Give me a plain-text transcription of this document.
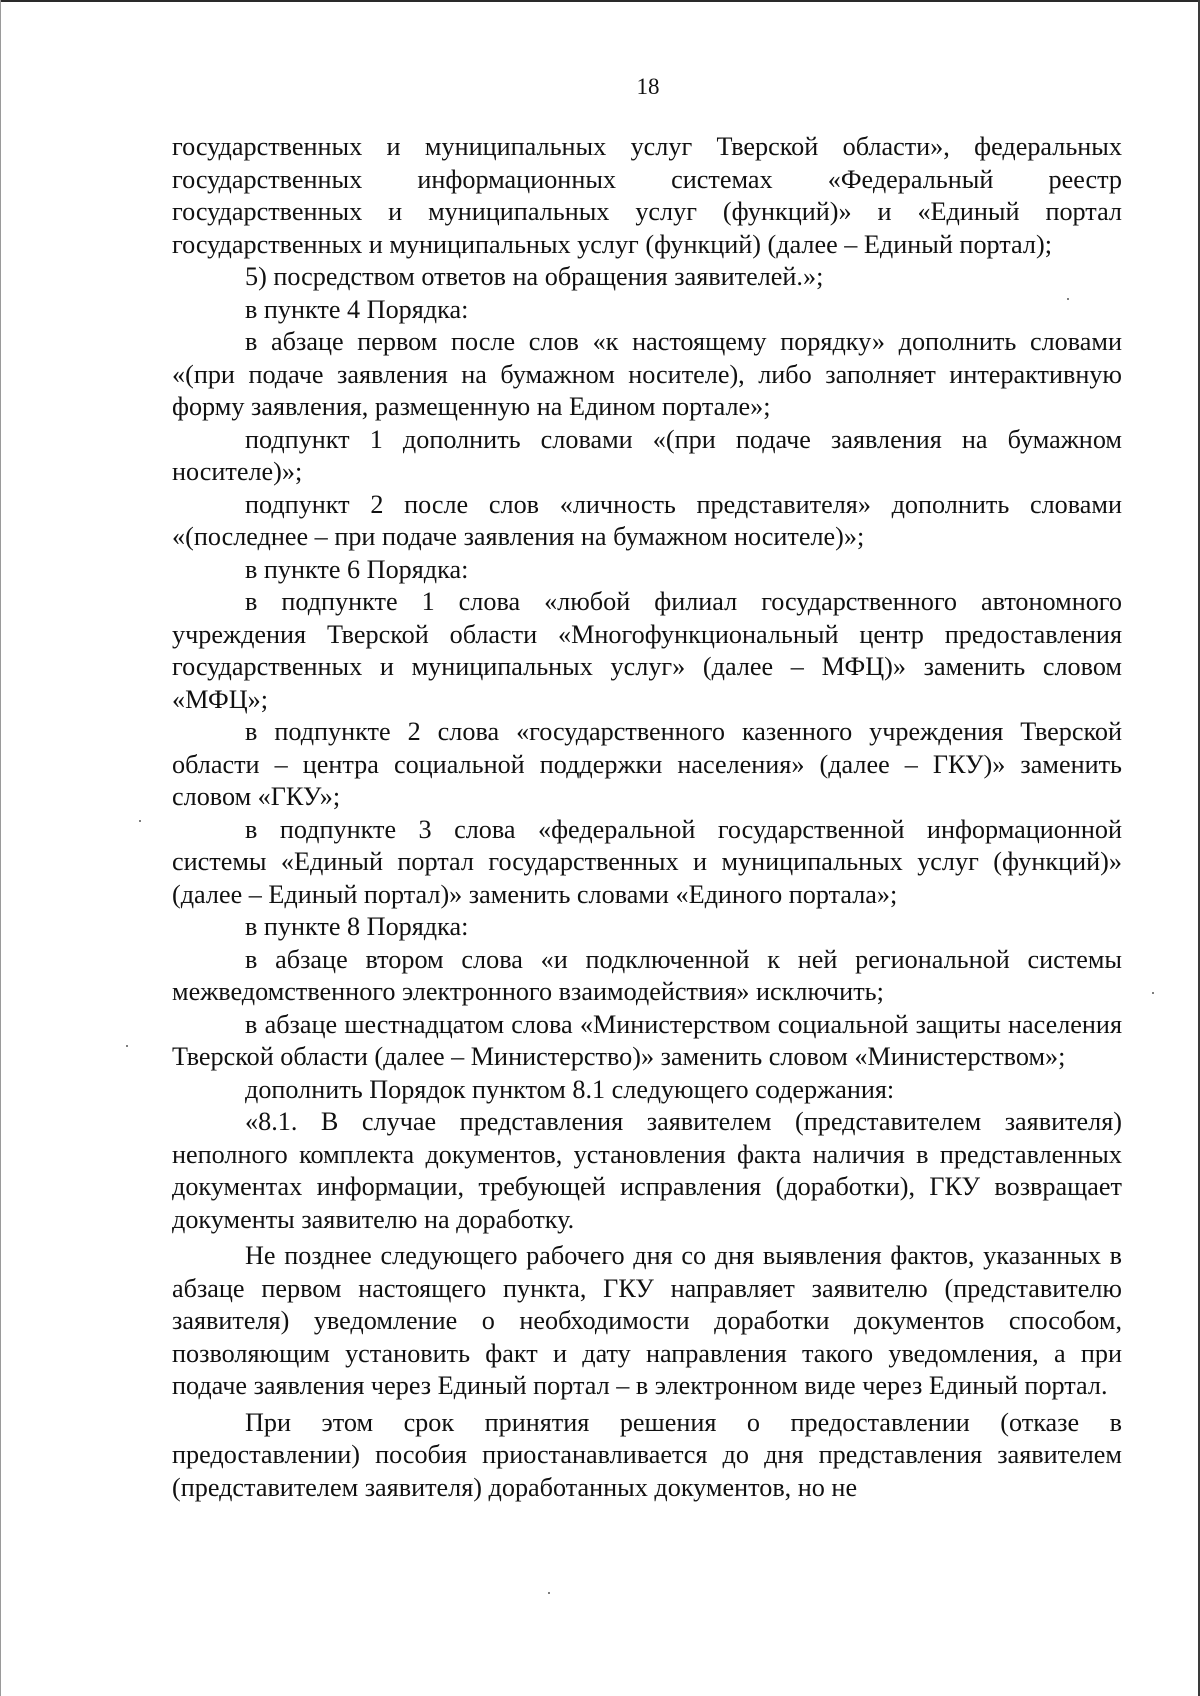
18

государственных и муниципальных услуг Тверской области», федеральных государственных информационных системах «Федеральный реестр государственных и муниципальных услуг (функций)» и «Единый портал государственных и муниципальных услуг (функций) (далее – Единый портал);

5) посредством ответов на обращения заявителей.»;

в пункте 4 Порядка:

в абзаце первом после слов «к настоящему порядку» дополнить словами «(при подаче заявления на бумажном носителе), либо заполняет интерактивную форму заявления, размещенную на Едином портале»;

подпункт 1 дополнить словами «(при подаче заявления на бумажном носителе)»;

подпункт 2 после слов «личность представителя» дополнить словами «(последнее – при подаче заявления на бумажном носителе)»;

в пункте 6 Порядка:

в подпункте 1 слова «любой филиал государственного автономного учреждения Тверской области «Многофункциональный центр предоставления государственных и муниципальных услуг» (далее – МФЦ)» заменить словом «МФЦ»;

в подпункте 2 слова «государственного казенного учреждения Тверской области – центра социальной поддержки населения» (далее – ГКУ)» заменить словом «ГКУ»;

в подпункте 3 слова «федеральной государственной информационной системы «Единый портал государственных и муниципальных услуг (функций)» (далее – Единый портал)» заменить словами «Единого портала»;

в пункте 8 Порядка:

в абзаце втором слова «и подключенной к ней региональной системы межведомственного электронного взаимодействия» исключить;

в абзаце шестнадцатом слова «Министерством социальной защиты населения Тверской области (далее – Министерство)» заменить словом «Министерством»;

дополнить Порядок пунктом 8.1 следующего содержания:

«8.1. В случае представления заявителем (представителем заявителя) неполного комплекта документов, установления факта наличия в представленных документах информации, требующей исправления (доработки), ГКУ возвращает документы заявителю на доработку.

Не позднее следующего рабочего дня со дня выявления фактов, указанных в абзаце первом настоящего пункта, ГКУ направляет заявителю (представителю заявителя) уведомление о необходимости доработки документов способом, позволяющим установить факт и дату направления такого уведомления, а при подаче заявления через Единый портал – в электронном виде через Единый портал.

При этом срок принятия решения о предоставлении (отказе в предоставлении) пособия приостанавливается до дня представления заявителем (представителем заявителя) доработанных документов, но не
